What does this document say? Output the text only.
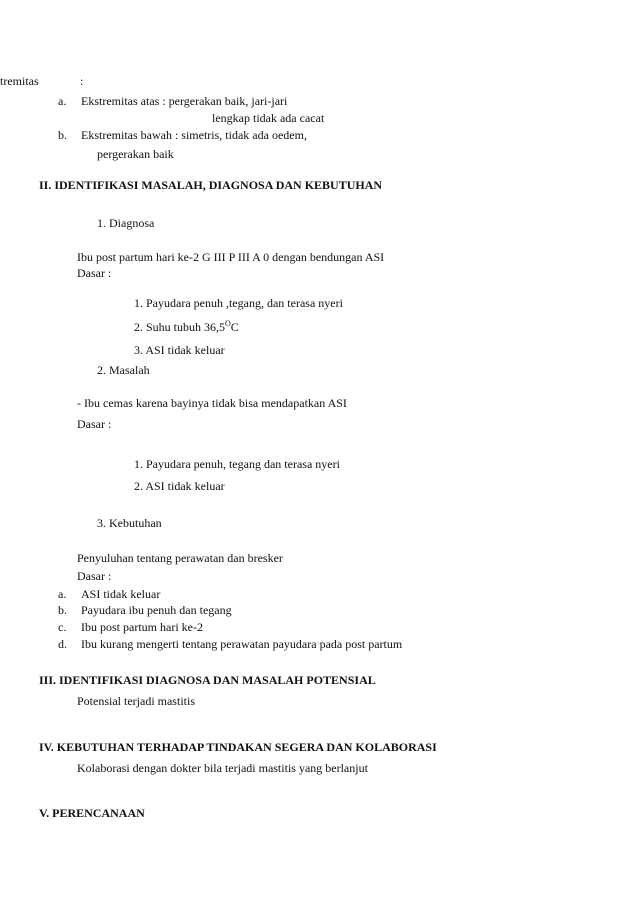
tremitas	:
a. Ekstremitas atas : pergerakan baik, jari-jari
lengkap tidak ada cacat
b. Ekstremitas bawah : simetris, tidak ada oedem,
pergerakan baik
II. IDENTIFIKASI MASALAH, DIAGNOSA DAN KEBUTUHAN
1. Diagnosa
Ibu post partum hari ke-2 G III P III A 0 dengan bendungan ASI
Dasar :
1. Payudara penuh ,tegang, dan terasa nyeri
2. Suhu tubuh $36,5^OC$
3. ASI tidak keluar
2. Masalah
- Ibu cemas karena bayinya tidak bisa mendapatkan ASI
Dasar :
1. Payudara penuh, tegang dan terasa nyeri
2. ASI tidak keluar
3. Kebutuhan
Penyuluhan tentang perawatan dan bresker
Dasar :
a. ASI tidak keluar
b. Payudara ibu penuh dan tegang
c. Ibu post partum hari ke-2
d. Ibu kurang mengerti tentang perawatan payudara pada post partum
III. IDENTIFIKASI DIAGNOSA DAN MASALAH POTENSIAL
Potensial terjadi mastitis
IV. KEBUTUHAN TERHADAP TINDAKAN SEGERA DAN KOLABORASI
Kolaborasi dengan dokter bila terjadi mastitis yang berlanjut
V. PERENCANAAN
